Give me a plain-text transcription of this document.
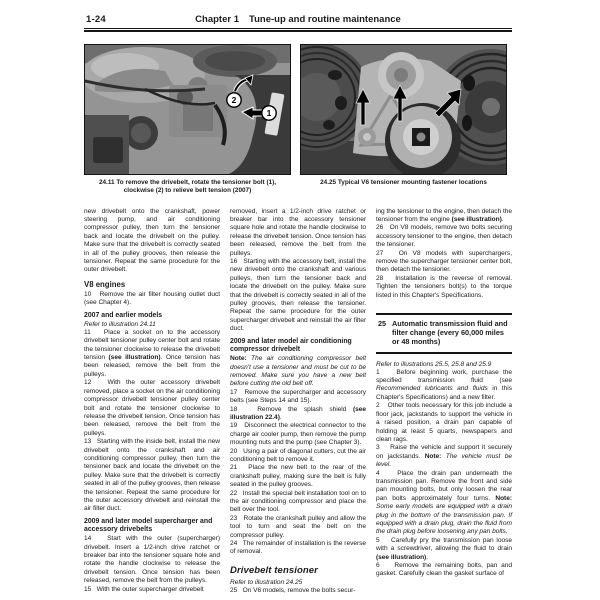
1-24	Chapter 1 Tune-up and routine maintenance
2
1
24.11 To remove the drivebelt, rotate the tensioner bolt (1), clockwise (2) to relieve belt tension (2007)
24.25 Typical V6 tensioner mounting fastener locations
new drivebelt onto the crankshaft, power steering pump, and air conditioning compressor pulley, then turn the tensioner back and locate the drivebelt on the pulley. Make sure that the drivebelt is correctly seated in all of the pulley grooves, then release the tensioner. Repeat the same procedure for the outer drivebelt.
V8 engines
10   Remove the air filter housing outlet duct (see Chapter 4).
2007 and earlier models
Refer to illustration 24.11
11   Place a socket on to the accessory drivebelt tensioner pulley center bolt and rotate the tensioner clockwise to release the drivebelt tension (see illustration). Once tension has been released, remove the belt from the pulleys.
12   With the outer accessory drivebelt removed, place a socket on the air conditioning compressor drivebelt tensioner pulley center bolt and rotate the tensioner clockwise to release the drivebelt tension. Once tension has been released, remove the belt from the pulleys.
13   Starting with the inside belt, install the new drivebelt onto the crankshaft and air conditioning compressor pulley, then turn the tensioner back and locate the drivebelt on the pulley. Make sure that the drivebelt is correctly seated in all of the pulley grooves, then release the tensioner. Repeat the same procedure for the outer accessory drivebelt and reinstall the air filter duct.
2009 and later model supercharger and accessory drivebelts
14   Start with the outer (supercharger) drivebelt. Insert a 1/2-inch drive ratchet or breaker bar into the tensioner square hole and rotate the handle clockwise to release the drivebelt tension. Once tension has been released, remove the belt from the pulleys.
15   With the outer supercharger drivebelt
removed, insert a 1/2-inch drive ratchet or breaker bar into the accessory tensioner square hole and rotate the handle clockwise to release the drivebelt tension. Once tension has been released, remove the belt from the pulleys.
16   Starting with the accessory belt, install the new drivebelt onto the crankshaft and various pulleys, then turn the tensioner back and locate the drivebelt on the pulley. Make sure that the drivebelt is correctly seated in all of the pulley grooves, then release the tensioner. Repeat the same procedure for the outer supercharger drivebelt and reinstall the air filter duct.
2009 and later model air conditioning compressor drivebelt
Note: The air conditioning compressor belt doesn't use a tensioner and must be cut to be removed. Make sure you have a new belt before cutting the old belt off.
17   Remove the supercharger and accessory belts (see Steps 14 and 15).
18   Remove the splash shield (see illustration 22.4).
19   Disconnect the electrical connector to the charge air cooler pump, then remove the pump mounting nuts and the pump (see Chapter 3).
20   Using a pair of diagonal cutters, cut the air conditioning belt to remove it.
21   Place the new belt to the rear of the crankshaft pulley, making sure the belt is fully seated in the pulley grooves.
22   Install the special belt installation tool on to the air conditioning compressor and place the belt over the tool.
23   Rotate the crankshaft pulley and allow the tool to turn and seat the belt on the compressor pulley.
24   The remainder of installation is the reverse of removal.
Drivebelt tensioner
Refer to illustration 24.25
25   On V6 models, remove the bolts secur-
ing the tensioner to the engine, then detach the tensioner from the engine (see illustration).
26   On V8 models, remove two bolts securing accessory tensioner to the engine, then detach the tensioner.
27   On V8 models with superchargers, remove the supercharger tensioner center bolt, then detach the tensioner.
28   Installation is the reverse of removal. Tighten the tensioners bolt(s) to the torque listed in this Chapter's Specifications.
25 Automatic transmission fluid and filter change (every 60,000 miles or 48 months)
Refer to illustrations 25.5, 25.8 and 25.9
1    Before beginning work, purchase the specified transmission fluid (see Recommended lubricants and fluids in this Chapter's Specifications) and a new filter.
2    Other tools necessary for this job include a floor jack, jackstands to support the vehicle in a raised position, a drain pan capable of holding at least 5 quarts, newspapers and clean rags.
3    Raise the vehicle and support it securely on jackstands. Note: The vehicle must be level.
4    Place the drain pan underneath the transmission pan. Remove the front and side pan mounting bolts, but only loosen the rear pan bolts approximately four turns. Note: Some early models are equipped with a drain plug in the bottom of the transmission pan. If equipped with a drain plug, drain the fluid from the drain plug before loosening any pan bolts.
5    Carefully pry the transmission pan loose with a screwdriver, allowing the fluid to drain (see illustration).
6    Remove the remaining bolts, pan and gasket. Carefully clean the gasket surface of
